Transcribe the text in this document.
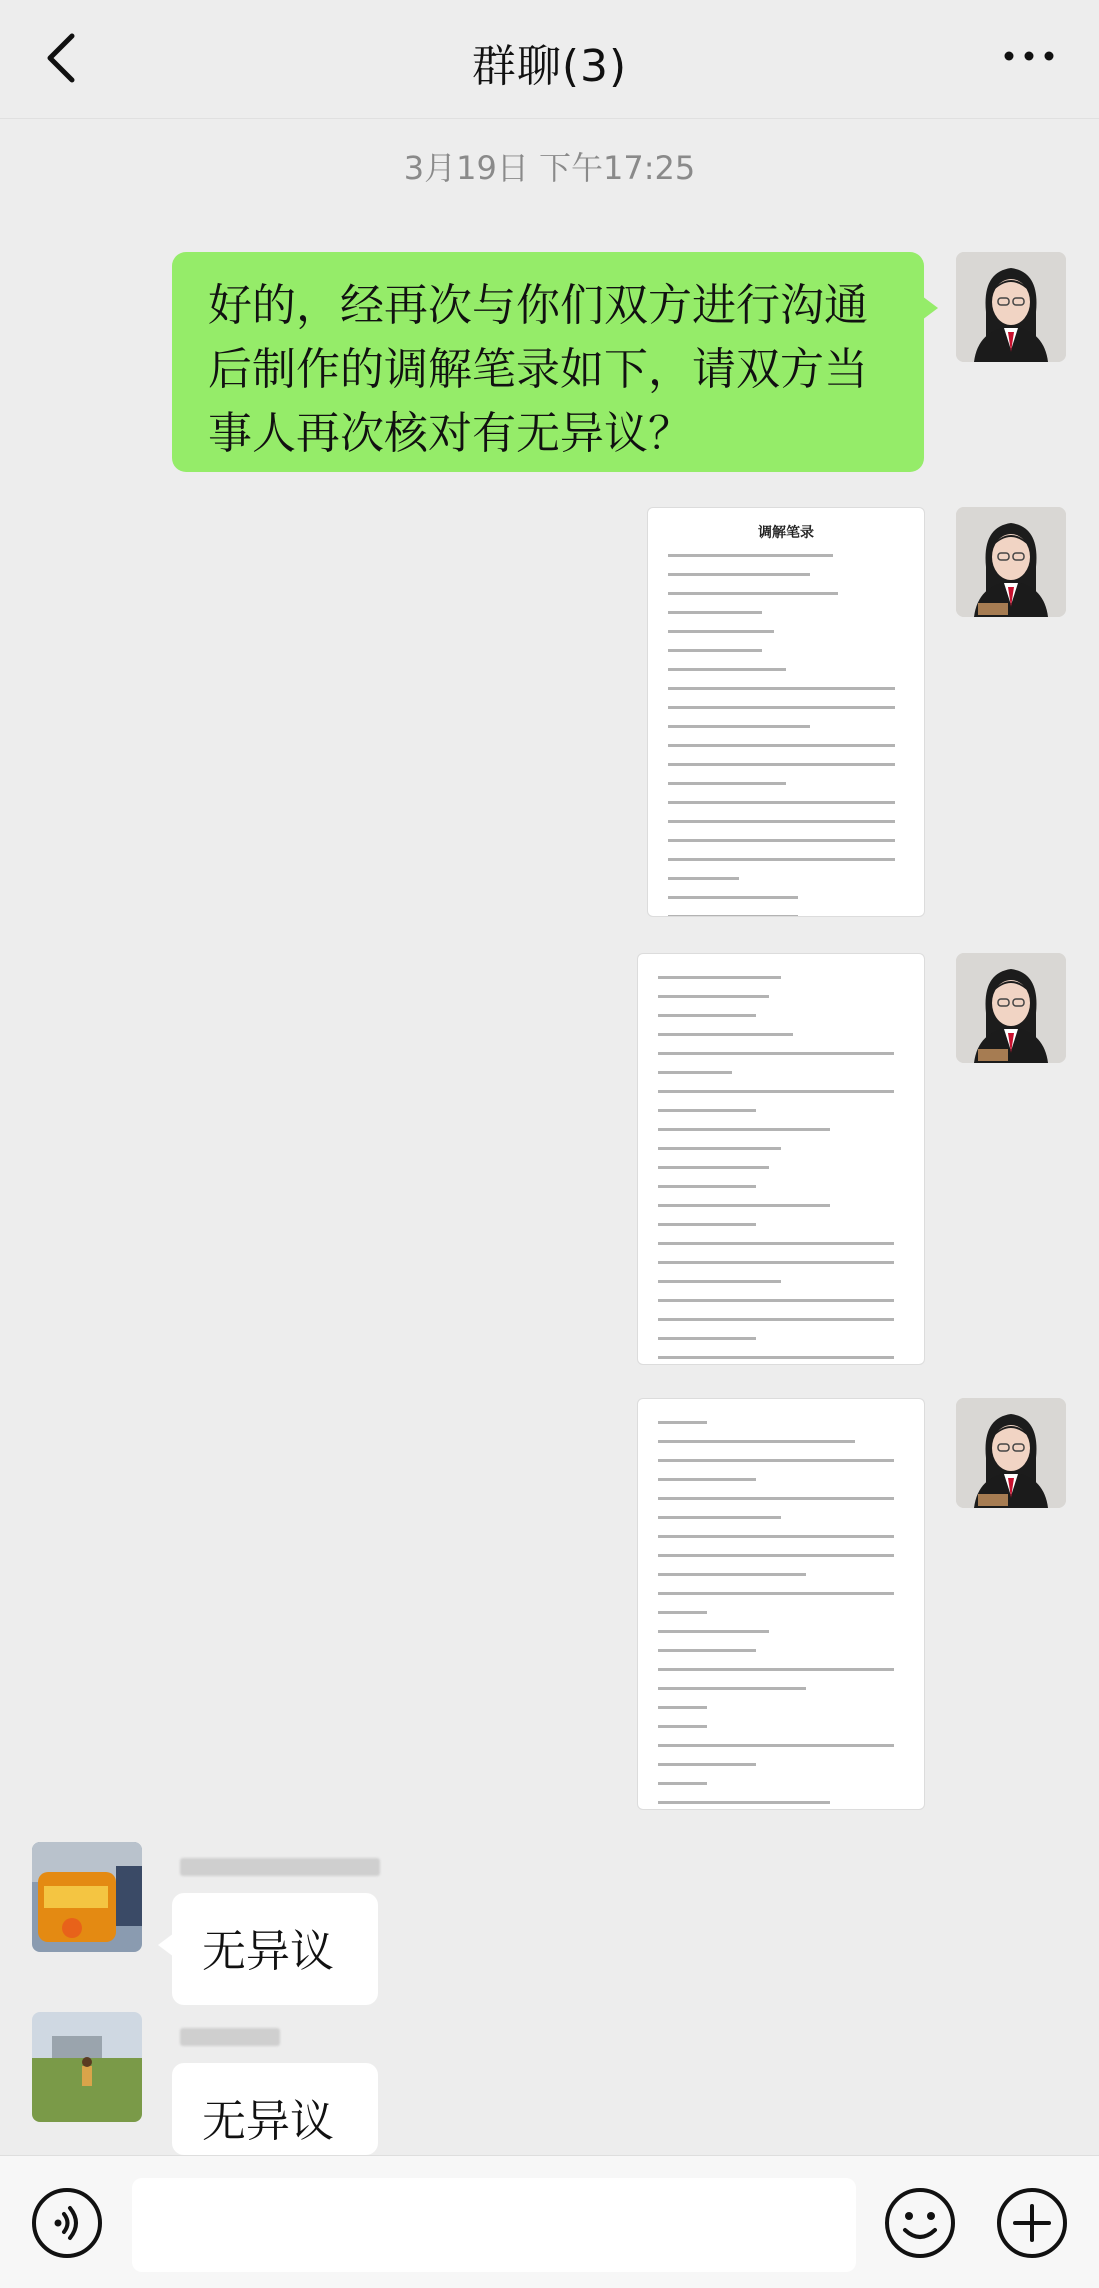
群聊(3)
3月19日 下午17:25
好的，经再次与你们双方进行沟通后制作的调解笔录如下，请双方当事人再次核对有无异议？
调解笔录
无异议
无异议
